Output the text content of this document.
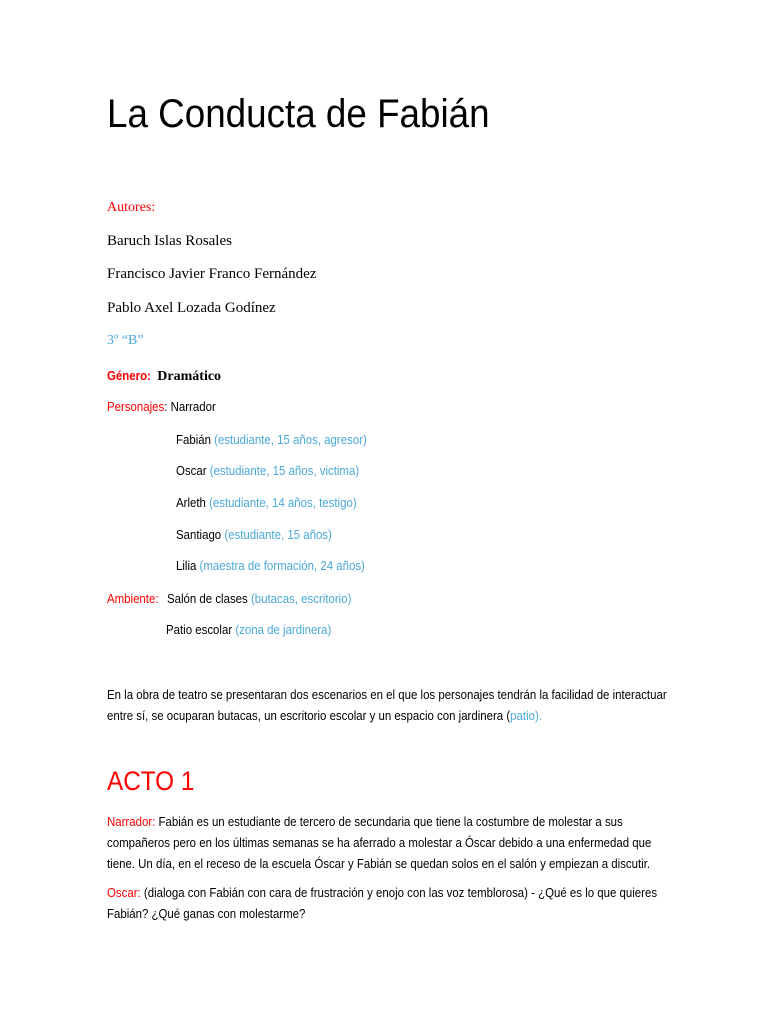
La Conducta de Fabián
Autores:
Baruch Islas Rosales
Francisco Javier Franco Fernández
Pablo Axel Lozada Godínez
3º “B”
Género: Dramático
Personajes: Narrador
Fabián (estudiante, 15 años, agresor)
Oscar (estudiante, 15 años, victima)
Arleth (estudiante, 14 años, testigo)
Santiago (estudiante, 15 años)
Lilia (maestra de formación, 24 años)
Ambiente: Salón de clases (butacas, escritorio)
Patio escolar (zona de jardinera)
En la obra de teatro se presentaran dos escenarios en el que los personajes tendrán la facilidad de interactuar
entre sí, se ocuparan butacas, un escritorio escolar y un espacio con jardinera (patio).
ACTO 1
Narrador: Fabián es un estudiante de tercero de secundaria que tiene la costumbre de molestar a sus
compañeros pero en los últimas semanas se ha aferrado a molestar a Óscar debido a una enfermedad que
tiene. Un día, en el receso de la escuela Óscar y Fabián se quedan solos en el salón y empiezan a discutir.
Oscar: (dialoga con Fabián con cara de frustración y enojo con las voz temblorosa) - ¿Qué es lo que quieres
Fabián? ¿Qué ganas con molestarme?
